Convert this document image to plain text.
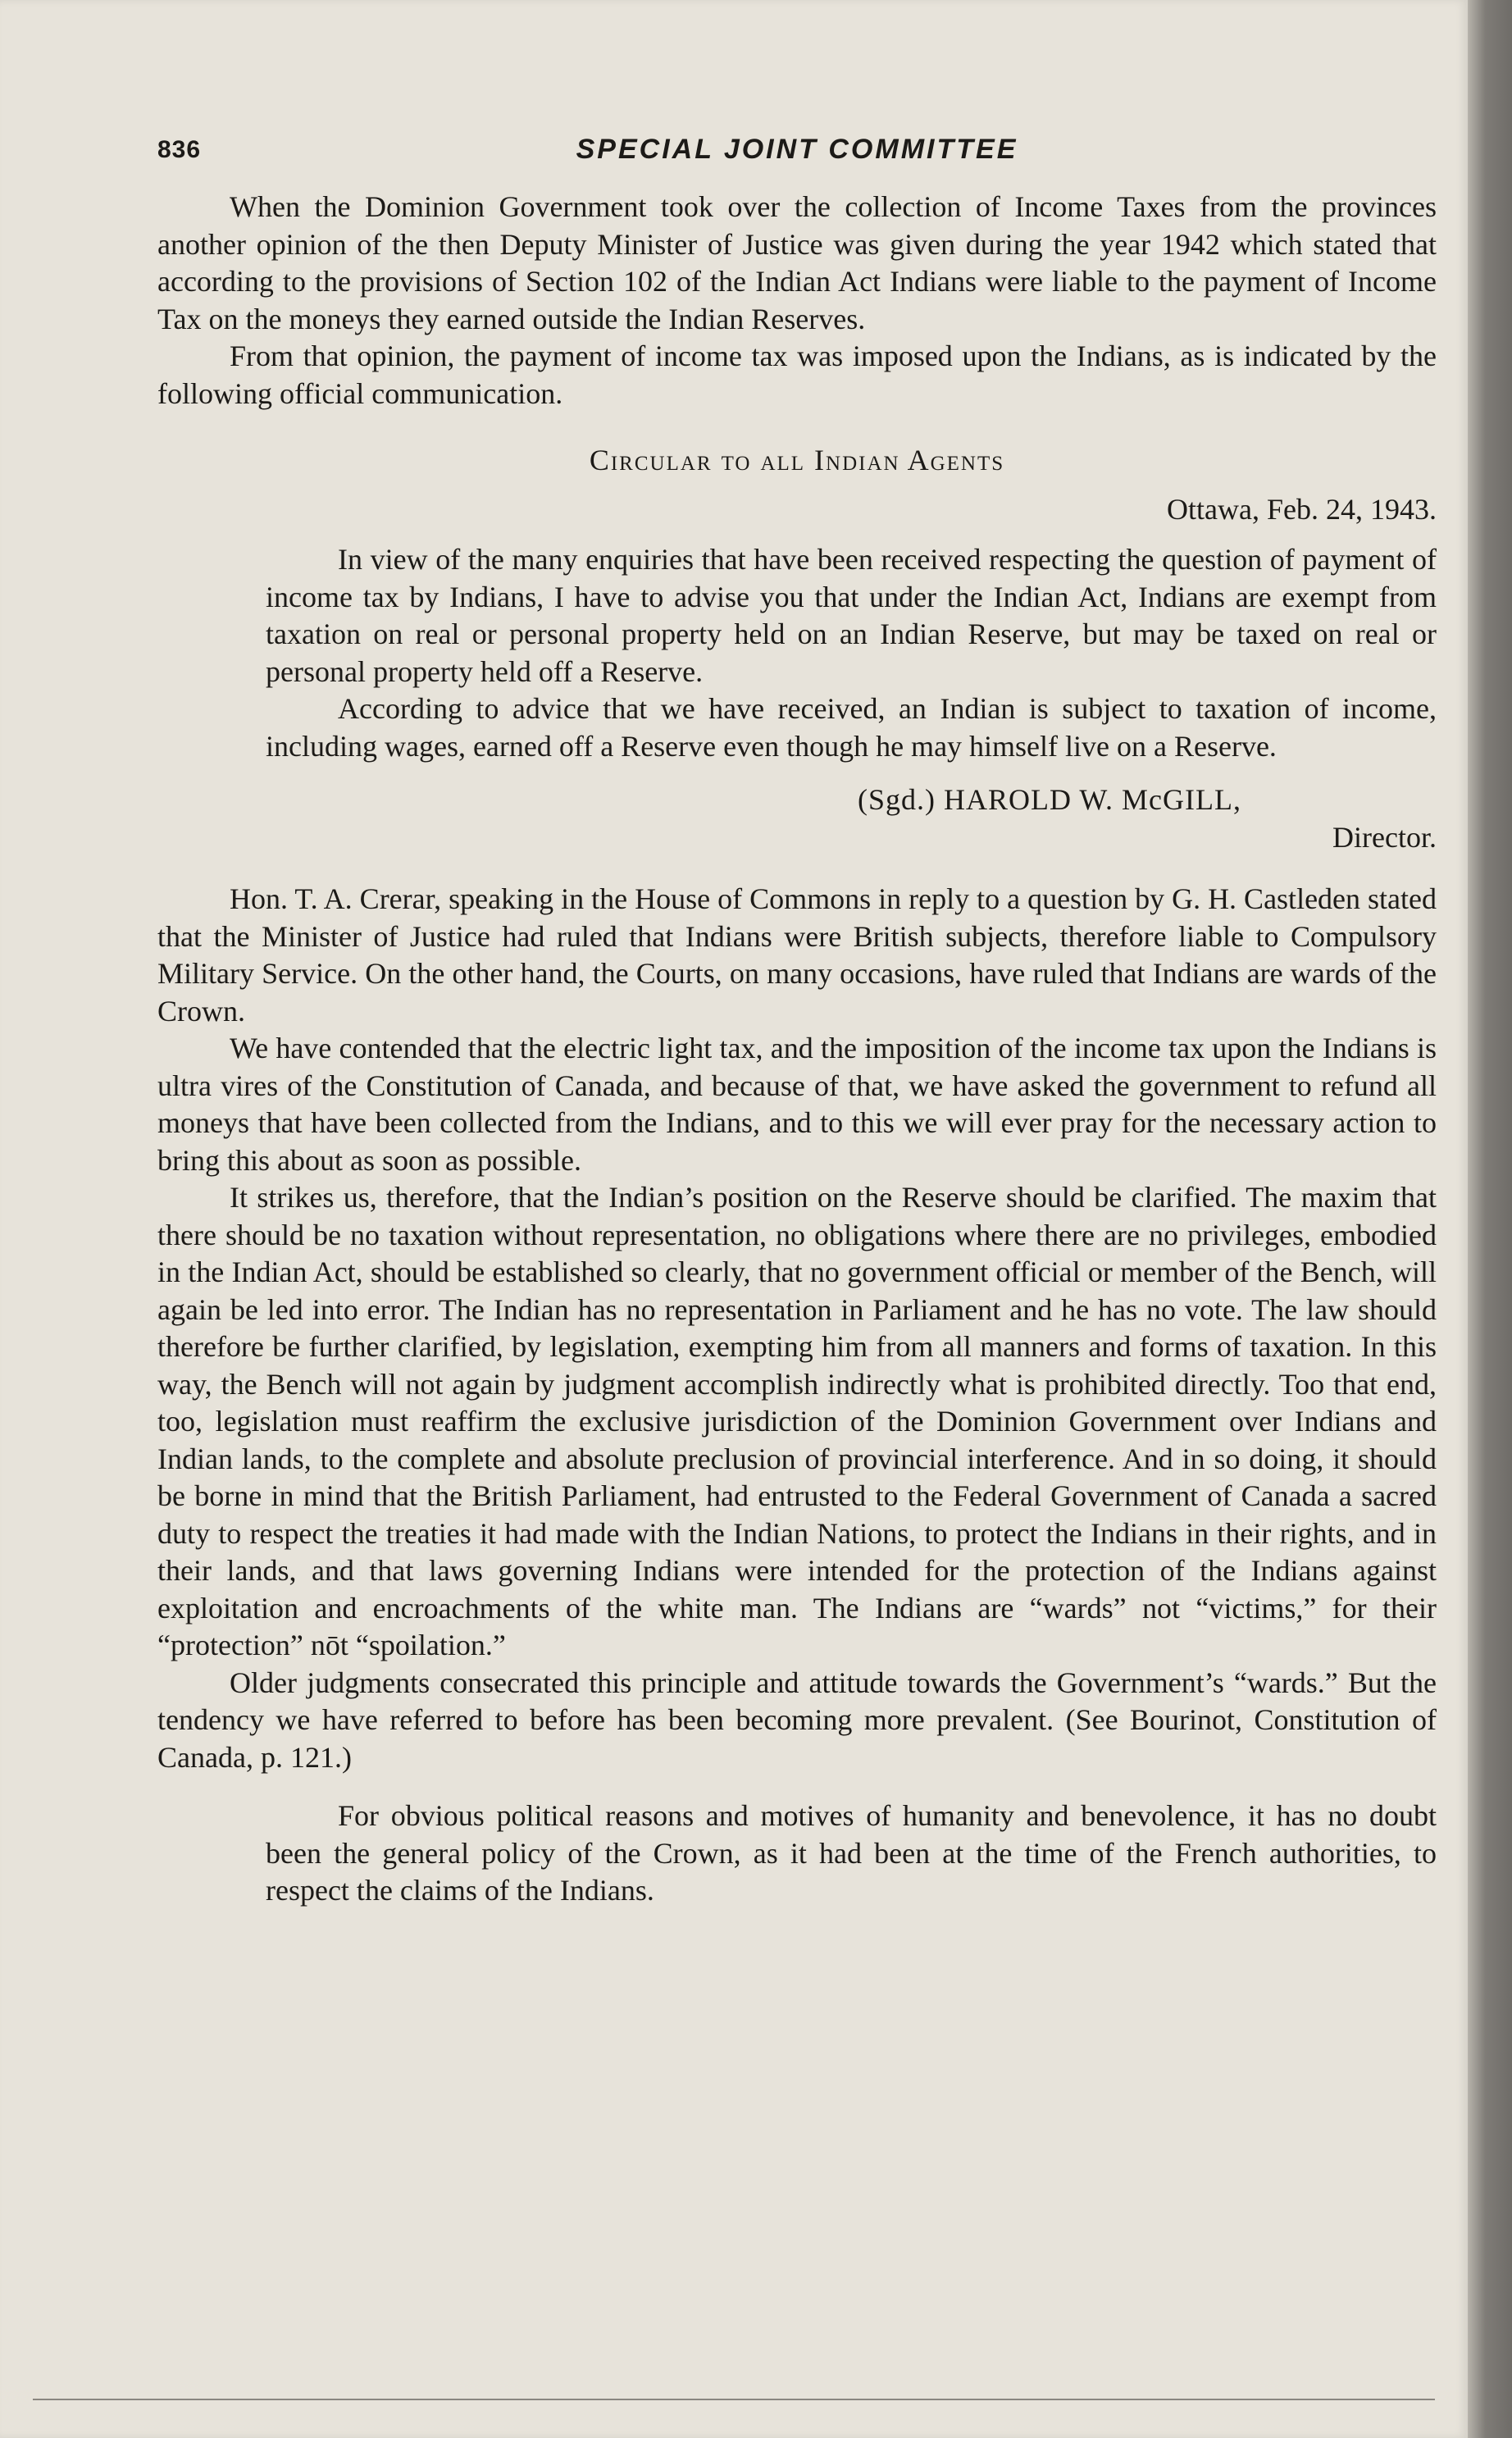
836	SPECIAL JOINT COMMITTEE

When the Dominion Government took over the collection of Income Taxes from the provinces another opinion of the then Deputy Minister of Justice was given during the year 1942 which stated that according to the provisions of Section 102 of the Indian Act Indians were liable to the payment of Income Tax on the moneys they earned outside the Indian Reserves.

From that opinion, the payment of income tax was imposed upon the Indians, as is indicated by the following official communication.

Circular to all Indian Agents

Ottawa, Feb. 24, 1943.

In view of the many enquiries that have been received respecting the question of payment of income tax by Indians, I have to advise you that under the Indian Act, Indians are exempt from taxation on real or personal property held on an Indian Reserve, but may be taxed on real or personal property held off a Reserve.

According to advice that we have received, an Indian is subject to taxation of income, including wages, earned off a Reserve even though he may himself live on a Reserve.

(Sgd.) HAROLD W. McGILL,

Director.

Hon. T. A. Crerar, speaking in the House of Commons in reply to a question by G. H. Castleden stated that the Minister of Justice had ruled that Indians were British subjects, therefore liable to Compulsory Military Service. On the other hand, the Courts, on many occasions, have ruled that Indians are wards of the Crown.

We have contended that the electric light tax, and the imposition of the income tax upon the Indians is ultra vires of the Constitution of Canada, and because of that, we have asked the government to refund all moneys that have been collected from the Indians, and to this we will ever pray for the necessary action to bring this about as soon as possible.

It strikes us, therefore, that the Indian’s position on the Reserve should be clarified. The maxim that there should be no taxation without representation, no obligations where there are no privileges, embodied in the Indian Act, should be established so clearly, that no government official or member of the Bench, will again be led into error. The Indian has no representation in Parliament and he has no vote. The law should therefore be further clarified, by legislation, exempting him from all manners and forms of taxation. In this way, the Bench will not again by judgment accomplish indirectly what is prohibited directly. Too that end, too, legislation must reaffirm the exclusive jurisdiction of the Dominion Government over Indians and Indian lands, to the complete and absolute preclusion of provincial interference. And in so doing, it should be borne in mind that the British Parliament, had entrusted to the Federal Government of Canada a sacred duty to respect the treaties it had made with the Indian Nations, to protect the Indians in their rights, and in their lands, and that laws governing Indians were intended for the protection of the Indians against exploitation and encroachments of the white man. The Indians are “wards” not “victims,” for their “protection” nōt “spoilation.”

Older judgments consecrated this principle and attitude towards the Government’s “wards.” But the tendency we have referred to before has been becoming more prevalent. (See Bourinot, Constitution of Canada, p. 121.)

For obvious political reasons and motives of humanity and benevolence, it has no doubt been the general policy of the Crown, as it had been at the time of the French authorities, to respect the claims of the Indians.
